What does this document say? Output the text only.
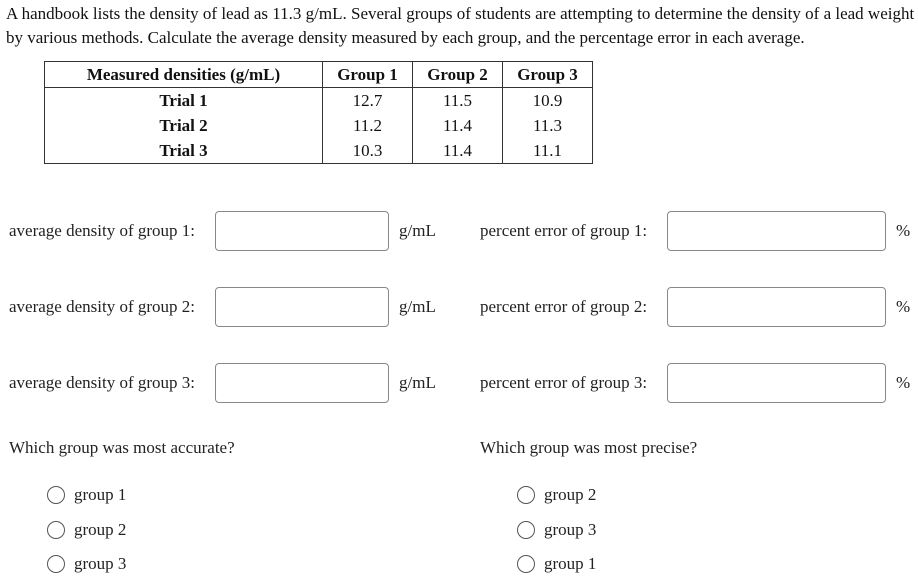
A handbook lists the density of lead as 11.3 g/mL. Several groups of students are attempting to determine the density of a lead weight by various methods. Calculate the average density measured by each group, and the percentage error in each average.
Measured densities (g/mL)	Group 1	Group 2	Group 3
Trial 1	12.7	11.5	10.9
Trial 2	11.2	11.4	11.3
Trial 3	10.3	11.4	11.1
average density of group 1:	g/mL	percent error of group 1:	%
average density of group 2:	g/mL	percent error of group 2:	%
average density of group 3:	g/mL	percent error of group 3:	%
Which group was most accurate?
group 1
group 2
group 3
Which group was most precise?
group 2
group 3
group 1
